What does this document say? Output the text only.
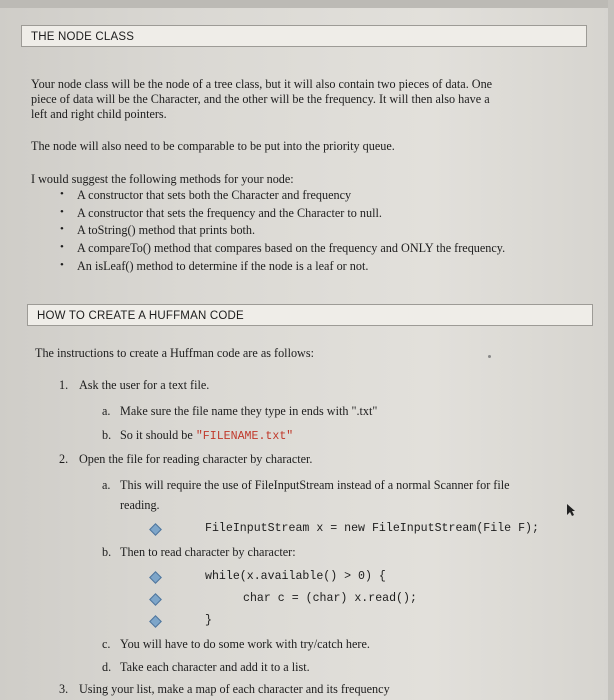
THE NODE CLASS
Your node class will be the node of a tree class, but it will also contain two pieces of data. One
piece of data will be the Character, and the other will be the frequency. It will then also have a
left and right child pointers.
The node will also need to be comparable to be put into the priority queue.
I would suggest the following methods for your node:
• A constructor that sets both the Character and frequency
• A constructor that sets the frequency and the Character to null.
• A toString() method that prints both.
• A compareTo() method that compares based on the frequency and ONLY the frequency.
• An isLeaf() method to determine if the node is a leaf or not.
HOW TO CREATE A HUFFMAN CODE
The instructions to create a Huffman code are as follows:
1. Ask the user for a text file.
a. Make sure the file name they type in ends with ".txt"
b. So it should be "FILENAME.txt"
2. Open the file for reading character by character.
a. This will require the use of FileInputStream instead of a normal Scanner for file
reading.
FileInputStream x = new FileInputStream(File F);
b. Then to read character by character:
while(x.available() > 0) {
char c = (char) x.read();
}
c. You will have to do some work with try/catch here.
d. Take each character and add it to a list.
3. Using your list, make a map of each character and its frequency
